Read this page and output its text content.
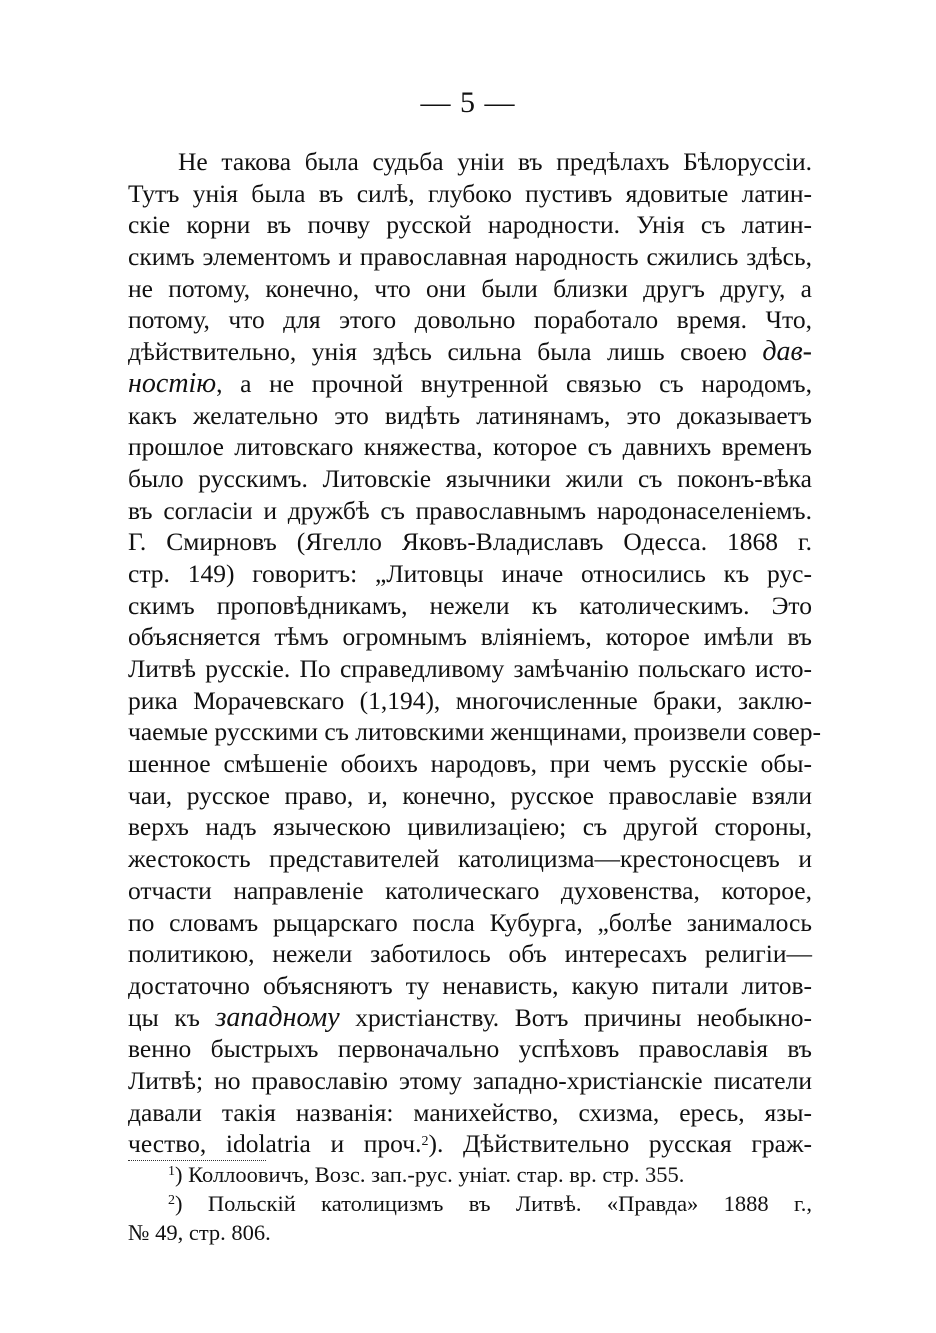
— 5 —
Не такова была судьба уніи въ предѣлахъ Бѣлоруссіи.
Тутъ унія была въ силѣ, глубоко пустивъ ядовитые латин-
скіе корни въ почву русской народности. Унія съ латин-
скимъ элементомъ и православная народность сжились здѣсь,
не потому, конечно, что они были близки другъ другу, а
потому, что для этого довольно поработало время. Что,
дѣйствительно, унія здѣсь сильна была лишь своею дав-
ностію, а не прочной внутренной связью съ народомъ,
какъ желательно это видѣть латинянамъ, это доказываетъ
прошлое литовскаго княжества, которое съ давнихъ временъ
было русскимъ. Литовскіе язычники жили съ поконъ-вѣка
въ согласіи и дружбѣ съ православнымъ народонаселеніемъ.
Г. Смирновъ (Ягелло Яковъ-Владиславъ Одесса. 1868 г.
стр. 149) говоритъ: „Литовцы иначе относились къ рус-
скимъ проповѣдникамъ, нежели къ католическимъ. Это
объясняется тѣмъ огромнымъ вліяніемъ, которое имѣли въ
Литвѣ русскіе. По справедливому замѣчанію польскаго исто-
рика Морачевскаго (1,194), многочисленные браки, заклю-
чаемые русскими съ литовскими женщинами, произвели совер-
шенное смѣшеніе обоихъ народовъ, при чемъ русскіе обы-
чаи, русское право, и, конечно, русское православіе взяли
верхъ надъ языческою цивилизаціею; съ другой стороны,
жестокость представителей католицизма—крестоносцевъ и
отчасти направленіе католическаго духовенства, которое,
по словамъ рыцарскаго посла Кубурга, „болѣе занималось
политикою, нежели заботилось объ интересахъ религіи—
достаточно объясняютъ ту ненависть, какую питали литов-
цы къ западному христіанству. Вотъ причины необыкно-
венно быстрыхъ первоначально успѣховъ православія въ
Литвѣ; но православію этому западно-христіанскіе писатели
давали такія названія: манихейство, схизма, ересь, язы-
чество, idolatria и проч.$^2$). Дѣйствительно русская граж-
$^1$) Коллоовичъ, Возс. зап.-рус. уніат. стар. вр. стр. 355.
$^2$) Польскій католицизмъ въ Литвѣ. «Правда» 1888 г.,
№ 49, стр. 806.
